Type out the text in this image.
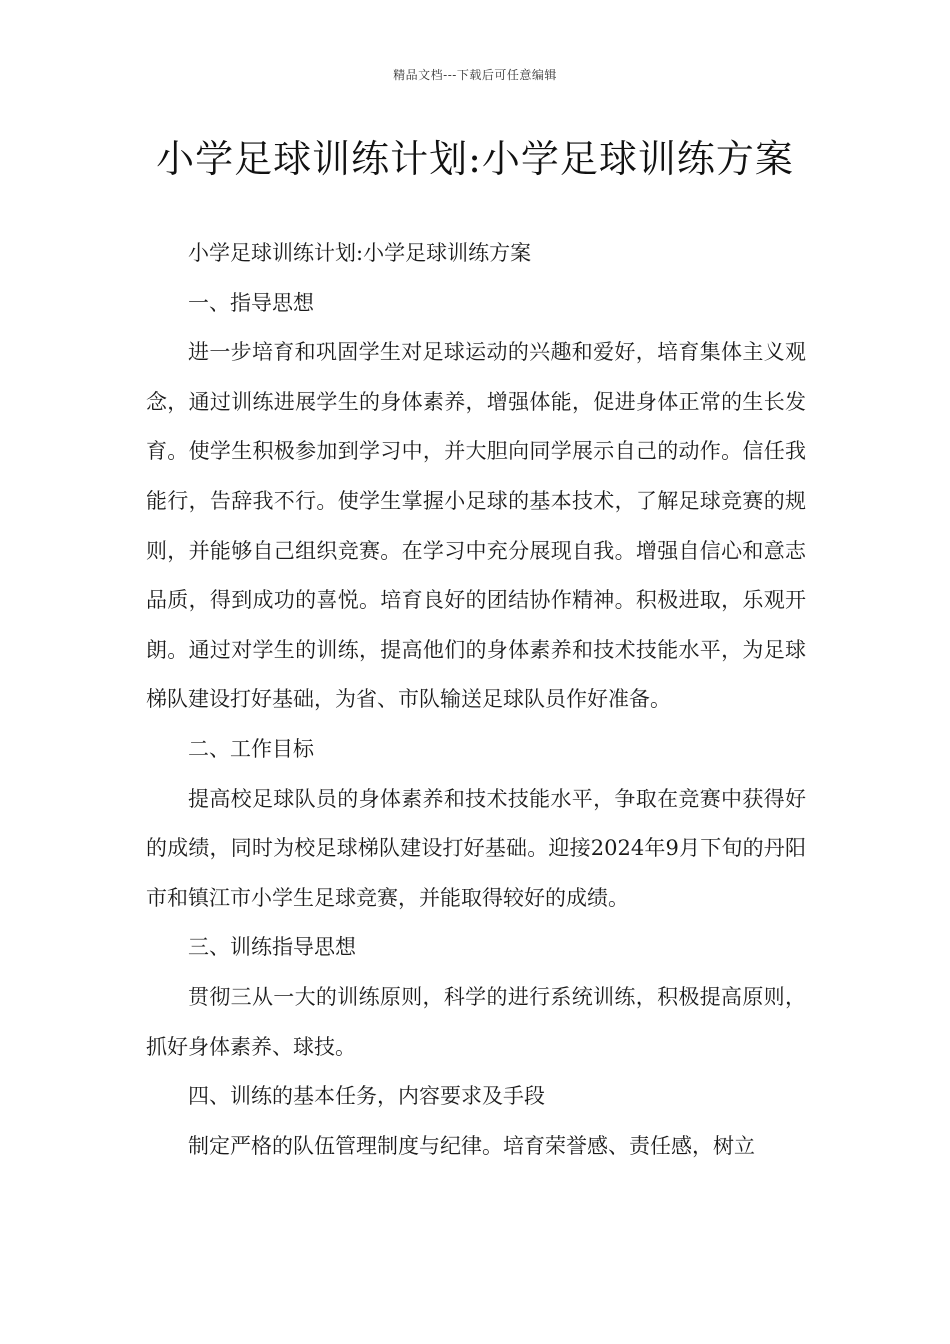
精品文档---下载后可任意编辑
小学足球训练计划:小学足球训练方案

小学足球训练计划:小学足球训练方案

一、指导思想

进一步培育和巩固学生对足球运动的兴趣和爱好，培育集体主义观念，通过训练进展学生的身体素养，增强体能，促进身体正常的生长发育。使学生积极参加到学习中，并大胆向同学展示自己的动作。信任我能行，告辞我不行。使学生掌握小足球的基本技术，了解足球竞赛的规则，并能够自己组织竞赛。在学习中充分展现自我。增强自信心和意志品质，得到成功的喜悦。培育良好的团结协作精神。积极进取，乐观开朗。通过对学生的训练，提高他们的身体素养和技术技能水平，为足球梯队建设打好基础，为省、市队输送足球队员作好准备。

二、工作目标

提高校足球队员的身体素养和技术技能水平，争取在竞赛中获得好的成绩，同时为校足球梯队建设打好基础。迎接2024年9月下旬的丹阳市和镇江市小学生足球竞赛，并能取得较好的成绩。

三、训练指导思想

贯彻三从一大的训练原则，科学的进行系统训练，积极提高原则，抓好身体素养、球技。

四、训练的基本任务，内容要求及手段

制定严格的队伍管理制度与纪律。培育荣誉感、责任感，树立
